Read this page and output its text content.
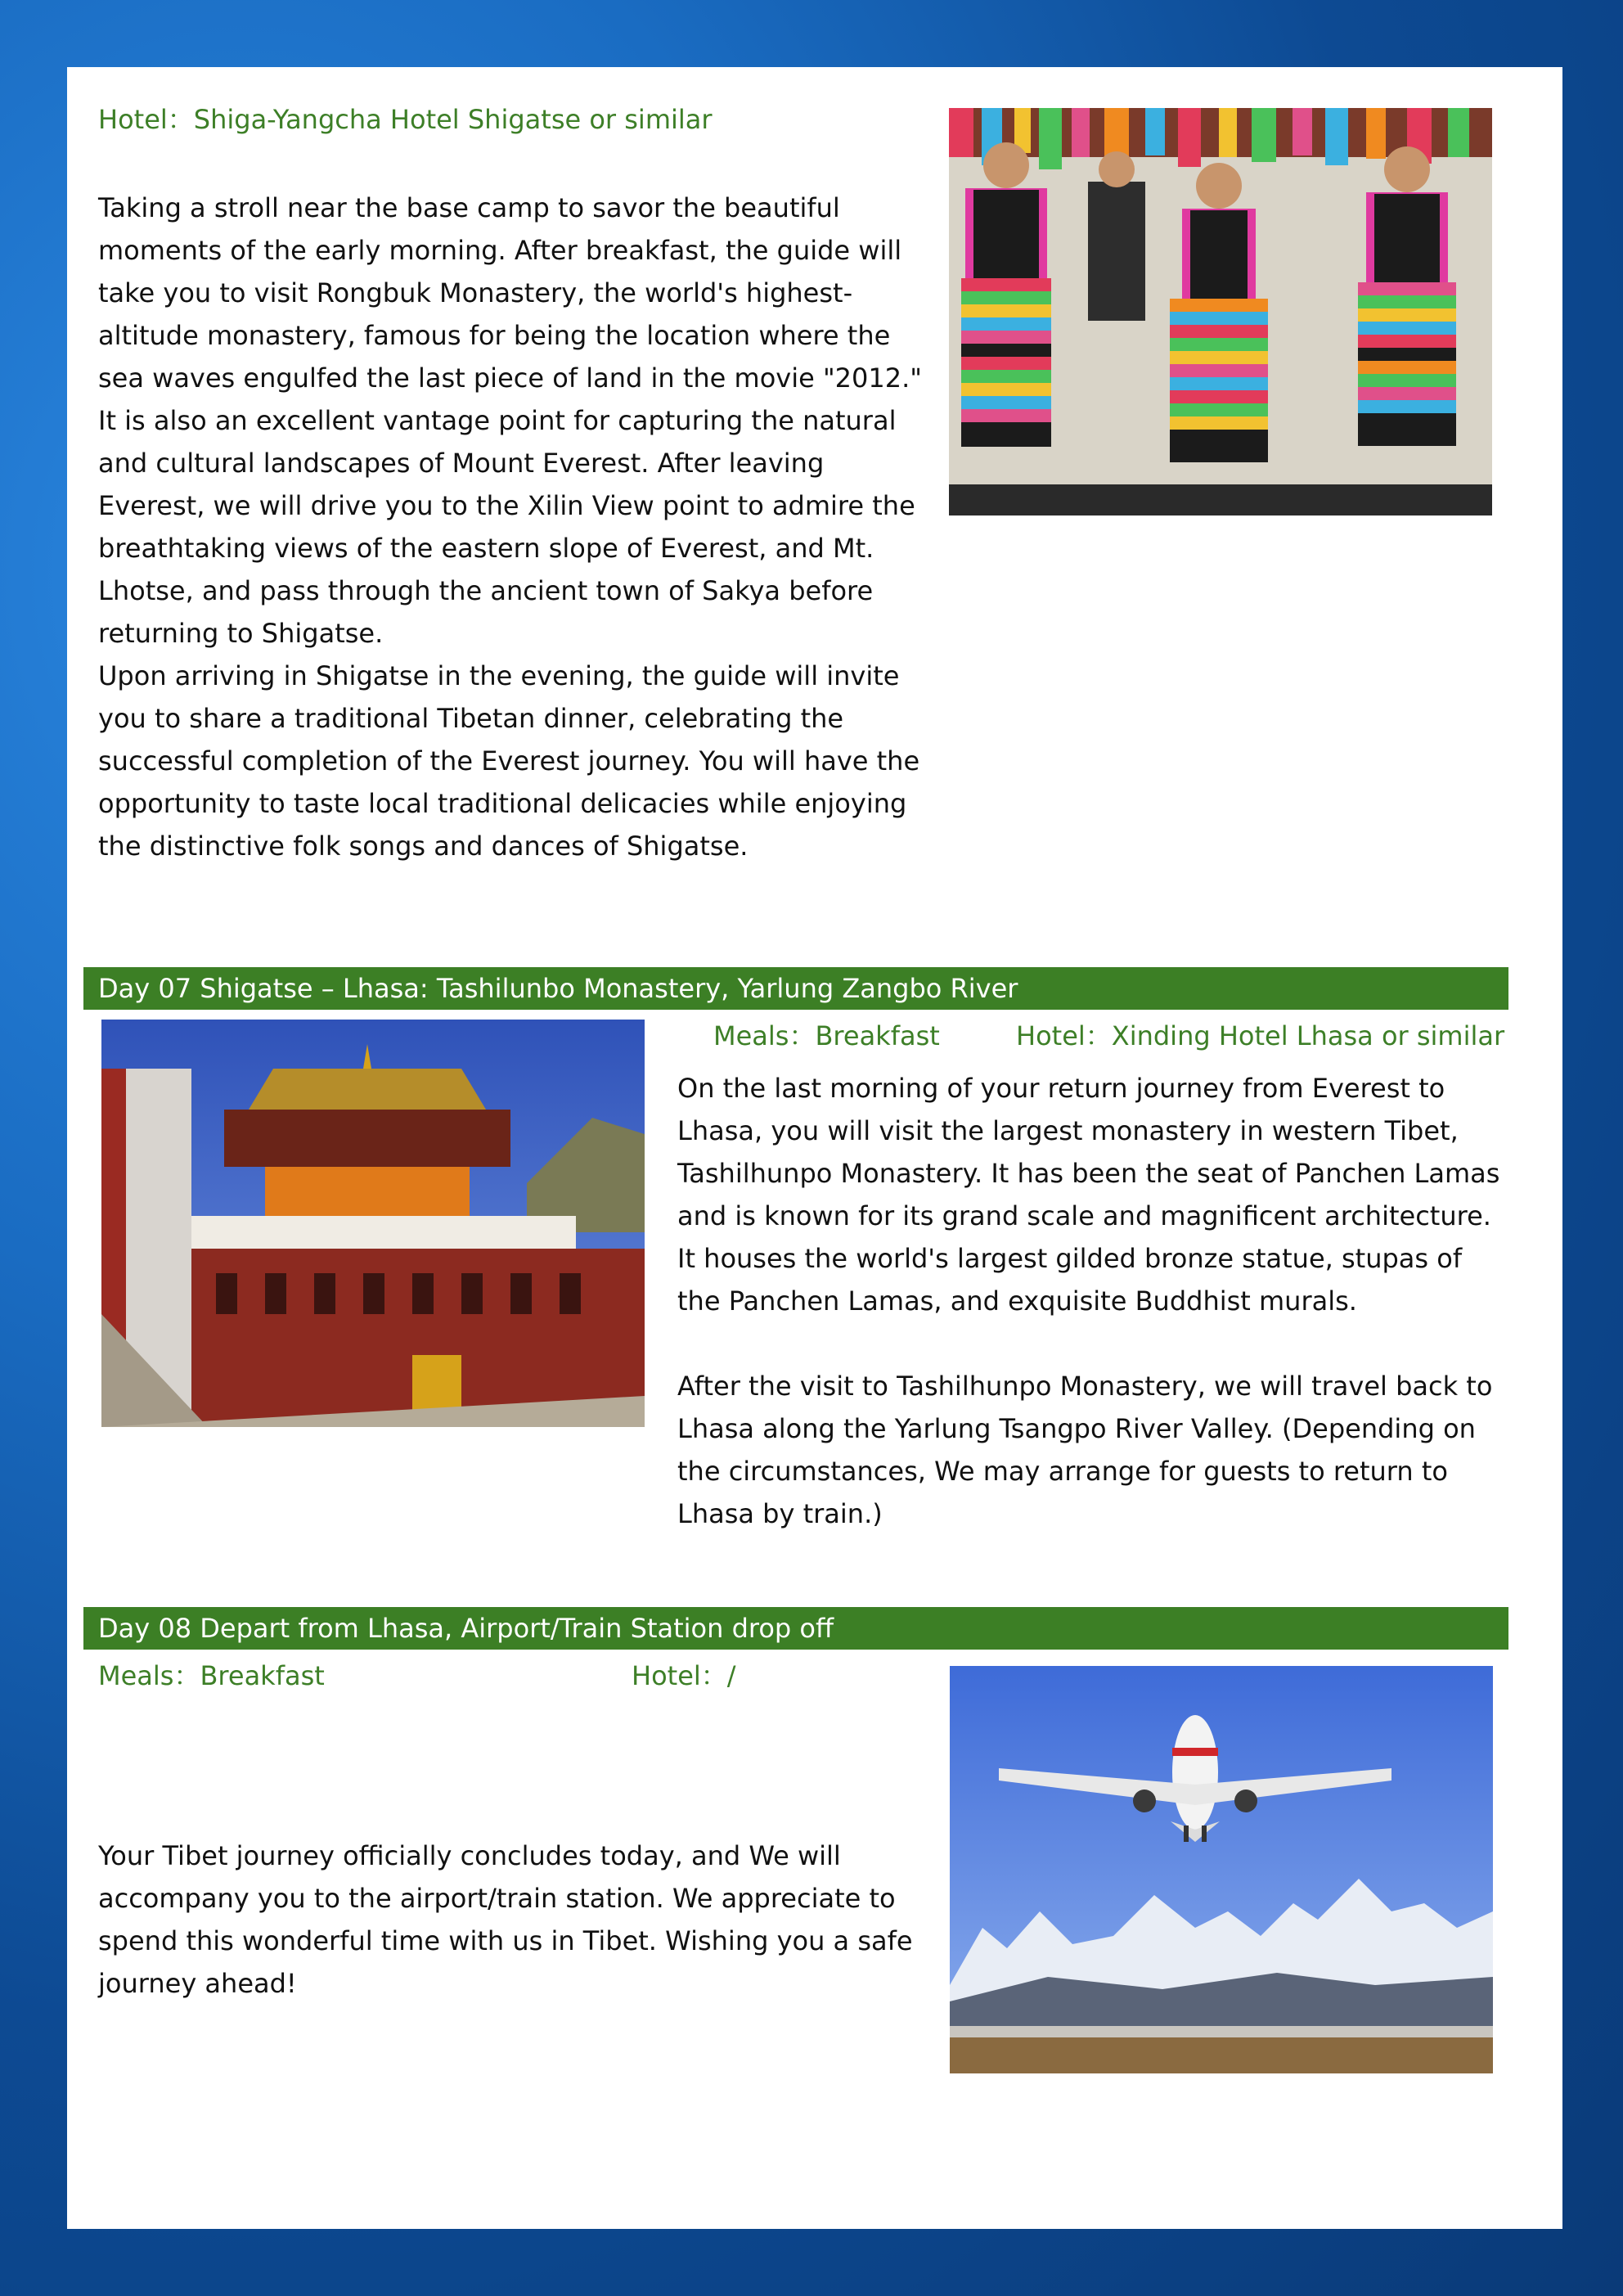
Hotel：Shiga-Yangcha Hotel Shigatse or similar

Taking a stroll near the base camp to savor the beautiful moments of the early morning. After breakfast, the guide will take you to visit Rongbuk Monastery, the world's highest-altitude monastery, famous for being the location where the sea waves engulfed the last piece of land in the movie "2012." It is also an excellent vantage point for capturing the natural and cultural landscapes of Mount Everest. After leaving Everest, we will drive you to the Xilin View point to admire the breathtaking views of the eastern slope of Everest, and Mt. Lhotse, and pass through the ancient town of Sakya before returning to Shigatse.

Upon arriving in Shigatse in the evening, the guide will invite you to share a traditional Tibetan dinner, celebrating the successful completion of the Everest journey. You will have the opportunity to taste local traditional delicacies while enjoying the distinctive folk songs and dances of Shigatse.

Day 07 Shigatse – Lhasa: Tashilunbo Monastery, Yarlung Zangbo River
Meals：Breakfast	Hotel：Xinding Hotel Lhasa or similar

On the last morning of your return journey from Everest to Lhasa, you will visit the largest monastery in western Tibet, Tashilhunpo Monastery. It has been the seat of Panchen Lamas and is known for its grand scale and magnificent architecture. It houses the world's largest gilded bronze statue, stupas of the Panchen Lamas, and exquisite Buddhist murals.

After the visit to Tashilhunpo Monastery, we will travel back to Lhasa along the Yarlung Tsangpo River Valley. (Depending on the circumstances, We may arrange for guests to return to Lhasa by train.)

Day 08 Depart from Lhasa, Airport/Train Station drop off
Meals：Breakfast	Hotel：/
Your Tibet journey officially concludes today, and We will accompany you to the airport/train station. We appreciate to spend this wonderful time with us in Tibet. Wishing you a safe journey ahead!
